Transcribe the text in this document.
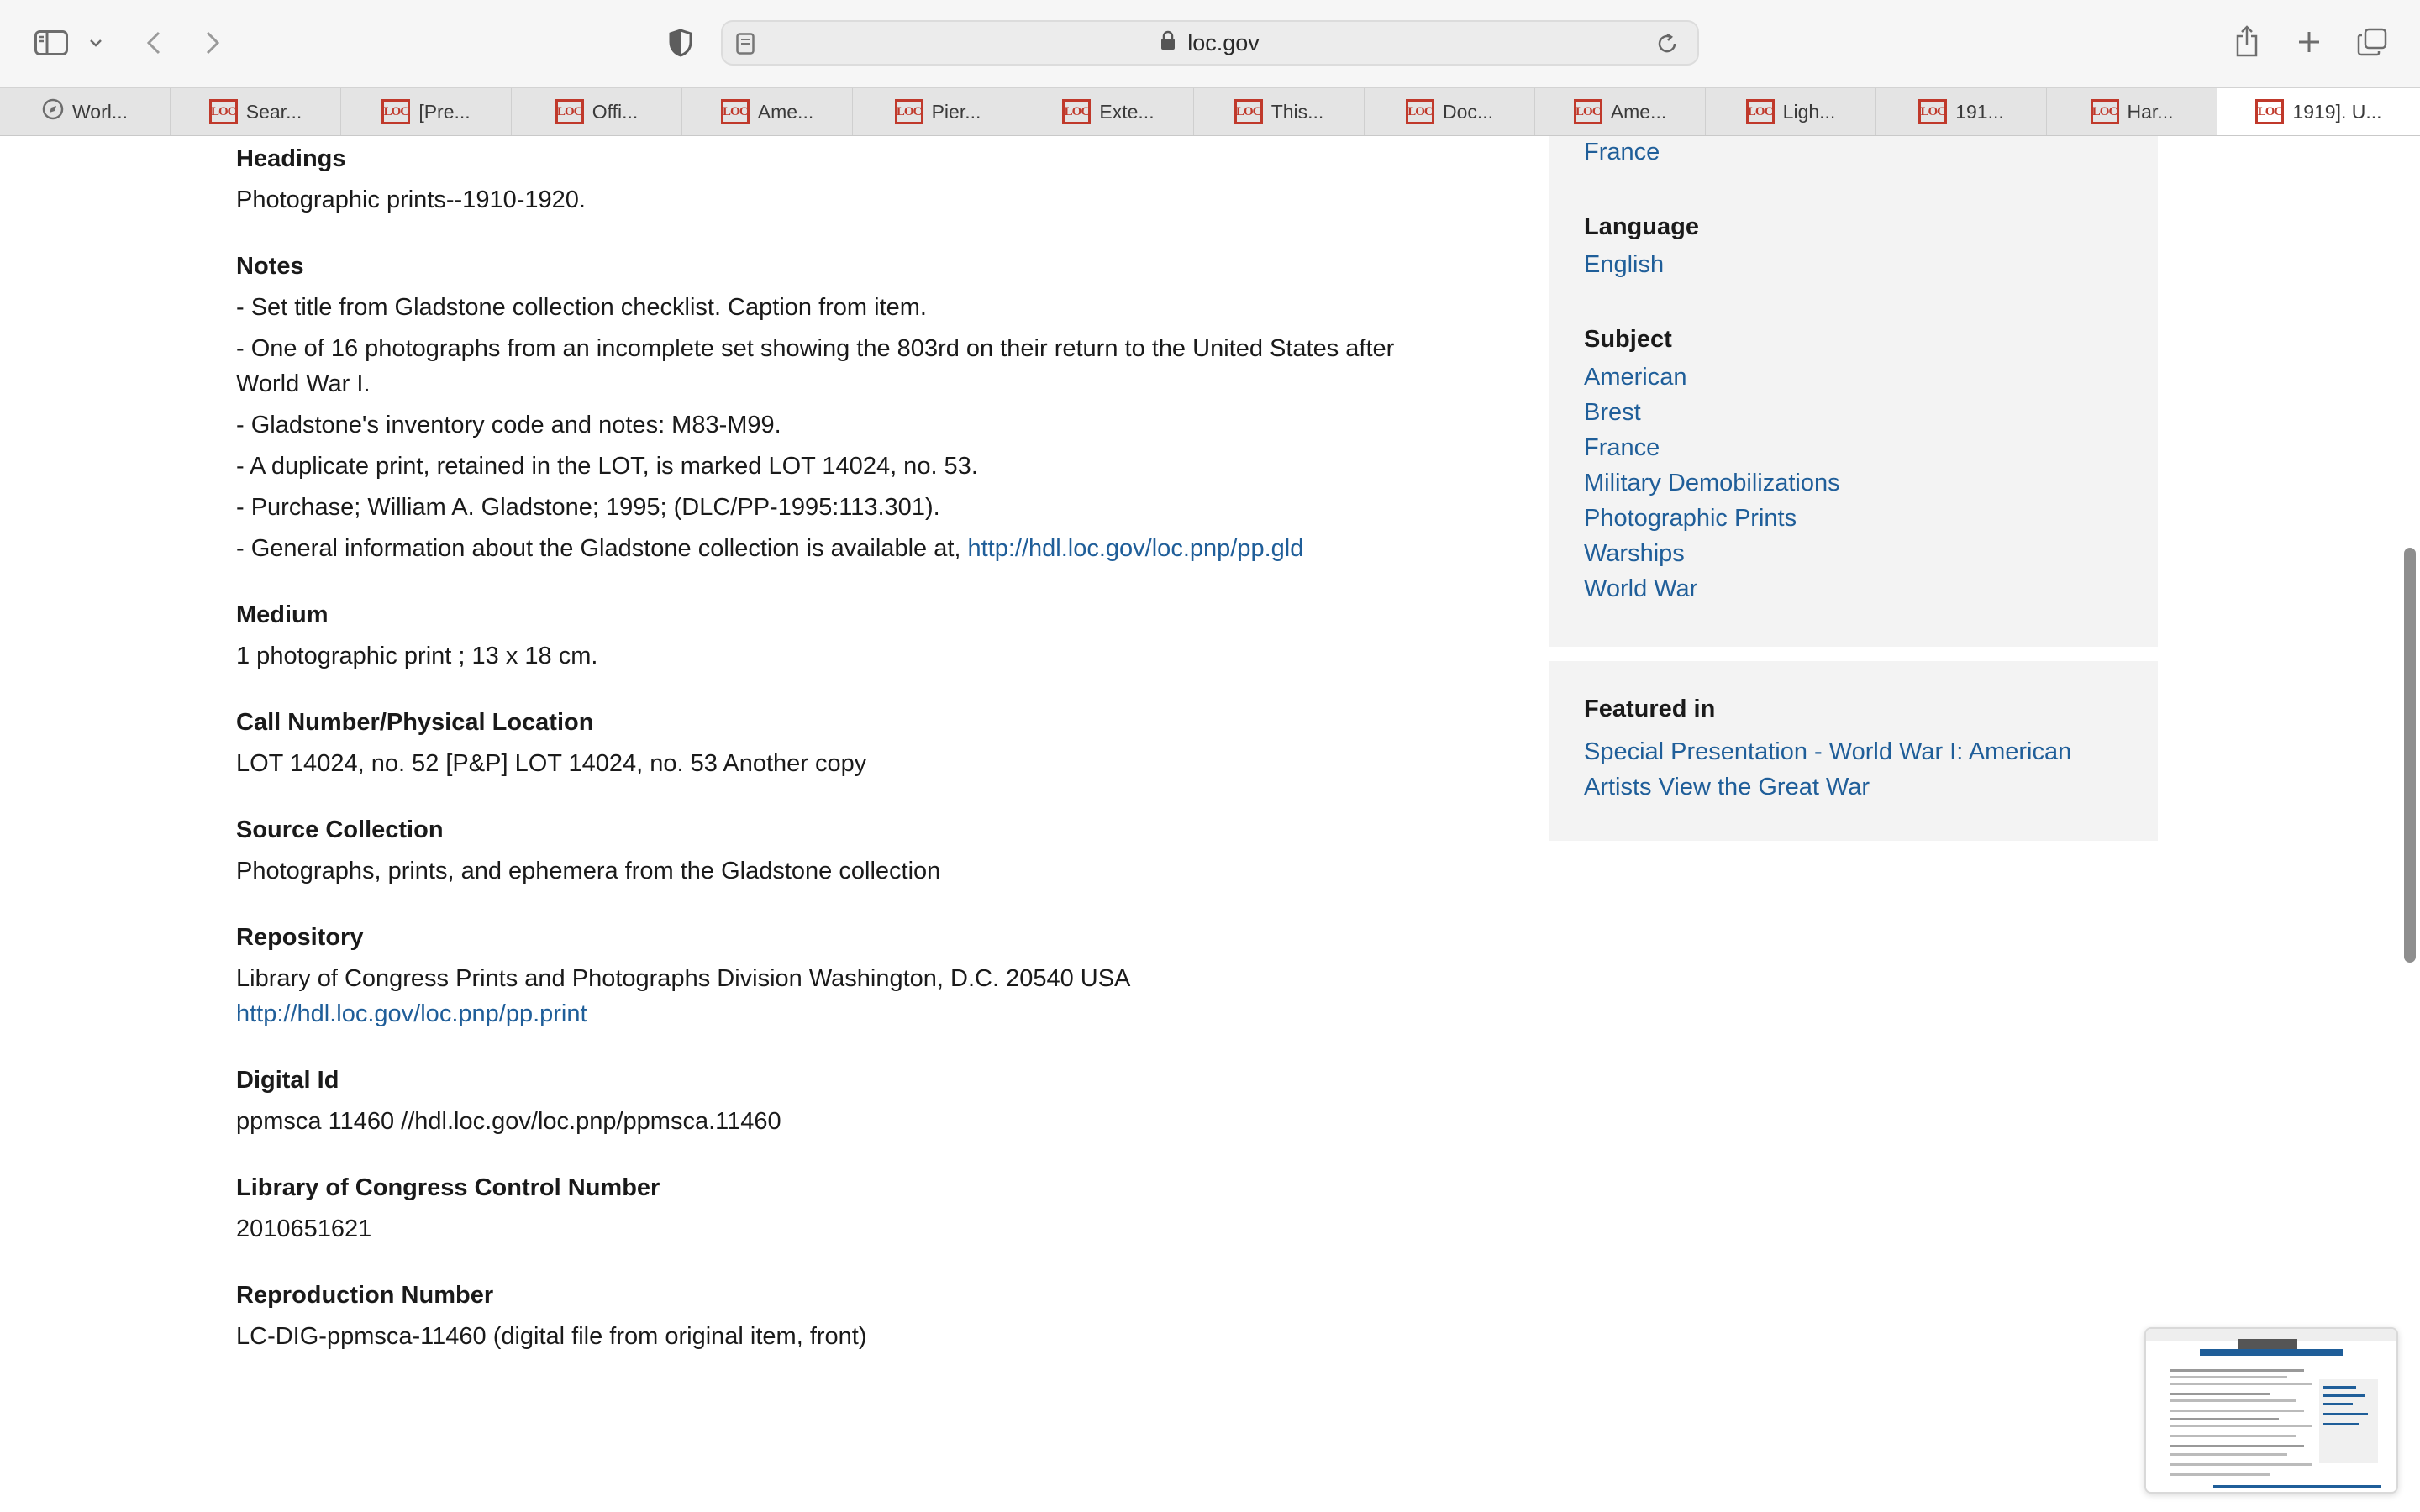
loc.gov
Worl...	LOC Sear...	LOC [Pre...	LOC Offi...	LOC Ame...	LOC Pier...	LOC Exte...	LOC This...	LOC Doc...	LOC Ame...	LOC Ligh...	LOC 191...	LOC Har...	LOC 1919]. U...
Headings
Photographic prints--1910-1920.
Notes
- Set title from Gladstone collection checklist. Caption from item.
- One of 16 photographs from an incomplete set showing the 803rd on their return to the United States after World War I.
- Gladstone's inventory code and notes: M83-M99.
- A duplicate print, retained in the LOT, is marked LOT 14024, no. 53.
- Purchase; William A. Gladstone; 1995; (DLC/PP-1995:113.301).
- General information about the Gladstone collection is available at, http://hdl.loc.gov/loc.pnp/pp.gld
Medium
1 photographic print ; 13 x 18 cm.
Call Number/Physical Location
LOT 14024, no. 52 [P&P] LOT 14024, no. 53 Another copy
Source Collection
Photographs, prints, and ephemera from the Gladstone collection
Repository
Library of Congress Prints and Photographs Division Washington, D.C. 20540 USA
http://hdl.loc.gov/loc.pnp/pp.print
Digital Id
ppmsca 11460 //hdl.loc.gov/loc.pnp/ppmsca.11460
Library of Congress Control Number
2010651621
Reproduction Number
LC-DIG-ppmsca-11460 (digital file from original item, front)
France
Language
English
Subject
American
Brest
France
Military Demobilizations
Photographic Prints
Warships
World War
Featured in
Special Presentation - World War I: American
Artists View the Great War
